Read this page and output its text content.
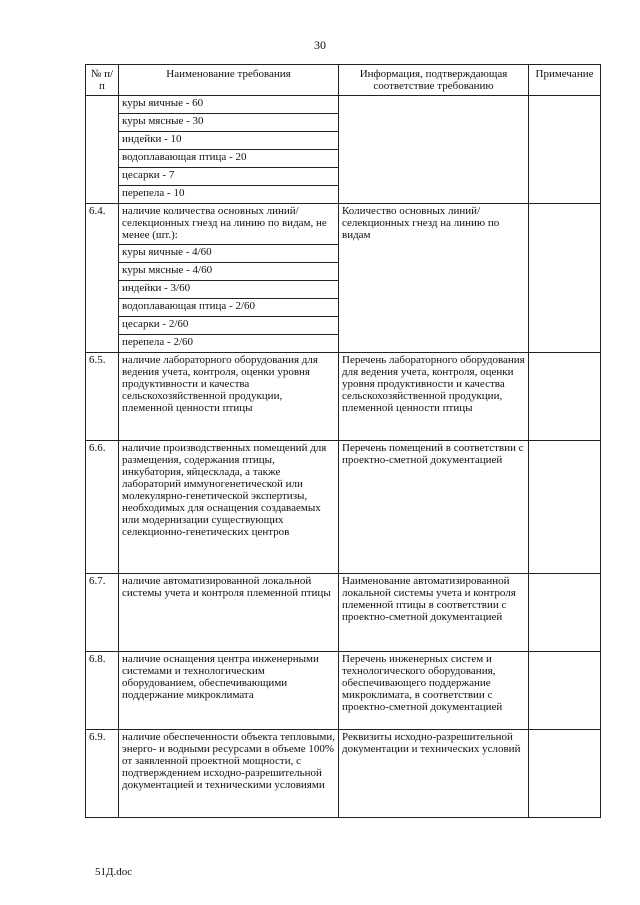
30
№ п/п	Наименование требования	Информация, подтверждающая соответствие требованию	Примечание
	куры яичные - 60		
	куры мясные - 30		
	индейки - 10		
	водоплавающая птица - 20		
	цесарки - 7		
	перепела - 10		
6.4.	наличие количества основных линий/селекционных гнезд на линию по видам, не менее (шт.):	Количество основных линий/селекционных гнезд на линию по видам	
	куры яичные - 4/60		
	куры мясные - 4/60		
	индейки - 3/60		
	водоплавающая птица - 2/60		
	цесарки - 2/60		
	перепела - 2/60		
6.5.	наличие лабораторного оборудования для ведения учета, контроля, оценки уровня продуктивности и качества сельскохозяйственной продукции, племенной ценности птицы	Перечень лабораторного оборудования для ведения учета, контроля, оценки уровня продуктивности и качества сельскохозяйственной продукции, племенной ценности птицы	
6.6.	наличие производственных помещений для размещения, содержания птицы, инкубатория, яйцесклада, а также лабораторий иммуногенетической или молекулярно-генетической экспертизы, необходимых для оснащения создаваемых или модернизации существующих селекционно-генетических центров	Перечень помещений в соответствии с проектно-сметной документацией	
6.7.	наличие автоматизированной локальной системы учета и контроля племенной птицы	Наименование автоматизированной локальной системы учета и контроля племенной птицы в соответствии с проектно-сметной документацией	
6.8.	наличие оснащения центра инженерными системами и технологическим оборудованием, обеспечивающими поддержание микроклимата	Перечень инженерных систем и технологического оборудования, обеспечивающего поддержание микроклимата, в соответствии с проектно-сметной документацией	
6.9.	наличие обеспеченности объекта тепловыми, энерго- и водными ресурсами в объеме 100% от заявленной проектной мощности, с подтверждением исходно-разрешительной документацией и техническими условиями	Реквизиты исходно-разрешительной документации и технических условий	
51Д.doc
